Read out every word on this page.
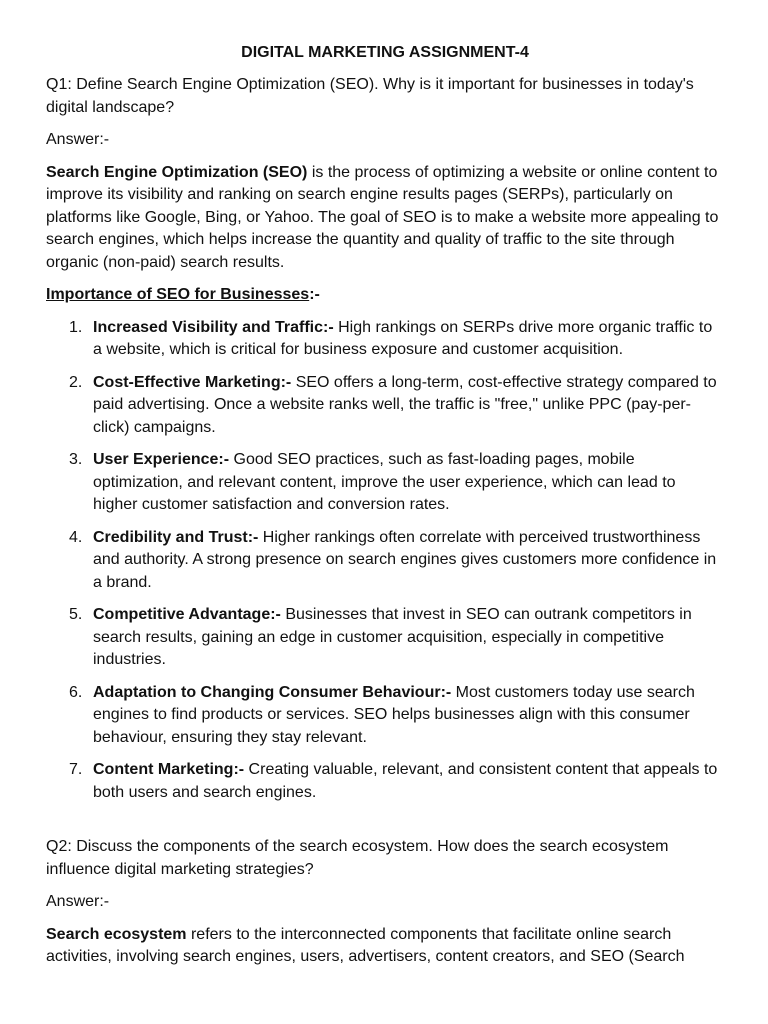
DIGITAL MARKETING ASSIGNMENT-4

Q1: Define Search Engine Optimization (SEO). Why is it important for businesses in today's digital landscape?

Answer:-

Search Engine Optimization (SEO) is the process of optimizing a website or online content to improve its visibility and ranking on search engine results pages (SERPs), particularly on platforms like Google, Bing, or Yahoo. The goal of SEO is to make a website more appealing to search engines, which helps increase the quantity and quality of traffic to the site through organic (non-paid) search results.

Importance of SEO for Businesses:-

1. Increased Visibility and Traffic:- High rankings on SERPs drive more organic traffic to a website, which is critical for business exposure and customer acquisition.
2. Cost-Effective Marketing:- SEO offers a long-term, cost-effective strategy compared to paid advertising. Once a website ranks well, the traffic is "free," unlike PPC (pay-per-click) campaigns.
3. User Experience:- Good SEO practices, such as fast-loading pages, mobile optimization, and relevant content, improve the user experience, which can lead to higher customer satisfaction and conversion rates.
4. Credibility and Trust:- Higher rankings often correlate with perceived trustworthiness and authority. A strong presence on search engines gives customers more confidence in a brand.
5. Competitive Advantage:- Businesses that invest in SEO can outrank competitors in search results, gaining an edge in customer acquisition, especially in competitive industries.
6. Adaptation to Changing Consumer Behaviour:- Most customers today use search engines to find products or services. SEO helps businesses align with this consumer behaviour, ensuring they stay relevant.
7. Content Marketing:- Creating valuable, relevant, and consistent content that appeals to both users and search engines.

Q2: Discuss the components of the search ecosystem. How does the search ecosystem influence digital marketing strategies?

Answer:-

Search ecosystem refers to the interconnected components that facilitate online search activities, involving search engines, users, advertisers, content creators, and SEO (Search
